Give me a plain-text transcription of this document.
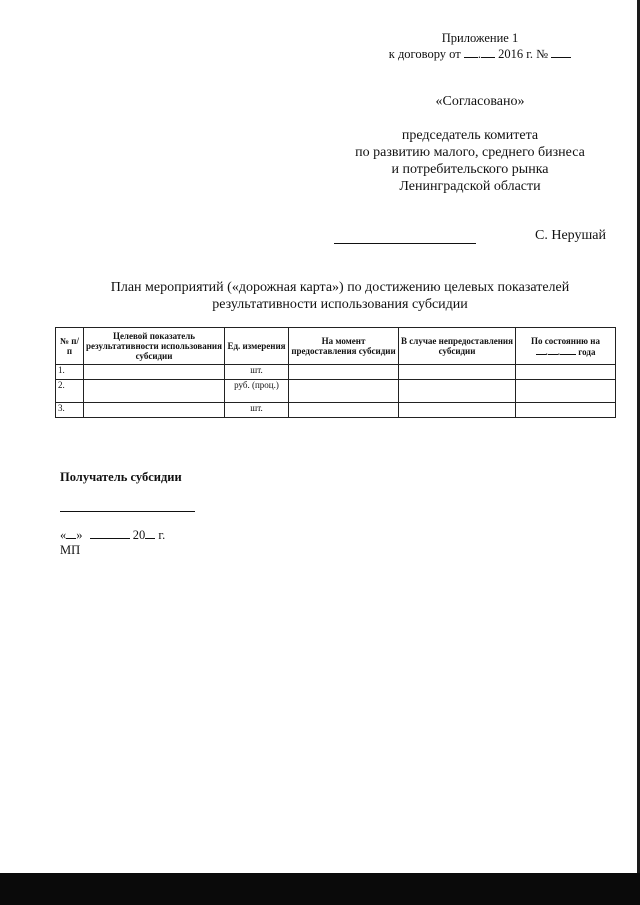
Приложение 1
к договору от . 2016 г. №
«Согласовано»
председатель комитета
по развитию малого, среднего бизнеса
и потребительского рынка
Ленинградской области
С. Нерушай
План мероприятий («дорожная карта») по достижению целевых показателей
результативности использования субсидии
№ п/п	Целевой показатель результативности использования субсидии	Ед. измерения	На момент предоставления субсидии	В случае непредоставления субсидии	По состоянию на
. . года
1.		шт.			
2.		руб. (проц.)			
3.		шт.			
Получатель субсидии
« »	20 г.
МП
